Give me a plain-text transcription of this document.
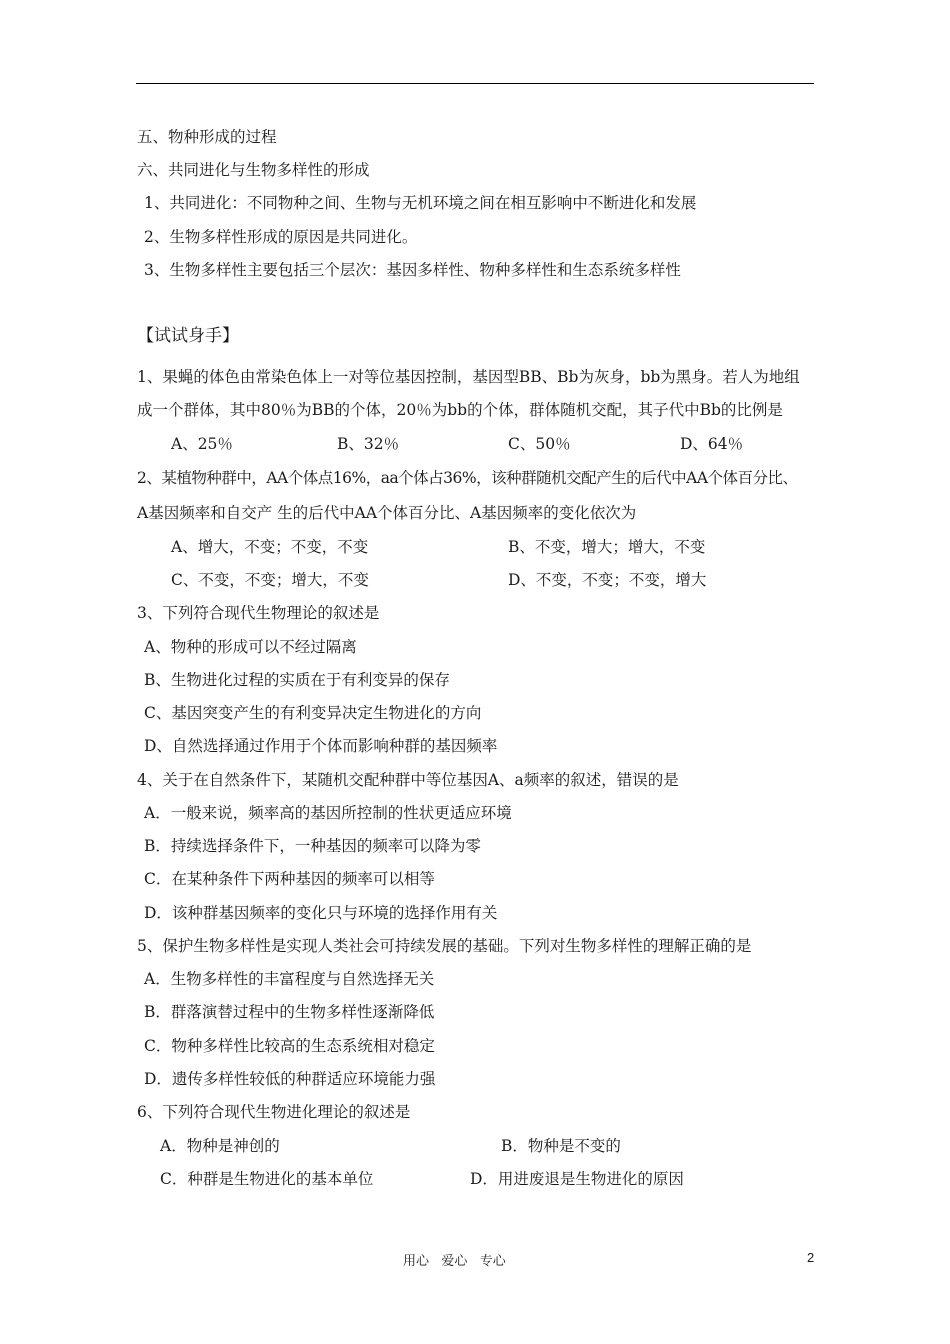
五、物种形成的过程
六、共同进化与生物多样性的形成
1、共同进化：不同物种之间、生物与无机环境之间在相互影响中不断进化和发展
2、生物多样性形成的原因是共同进化。
3、生物多样性主要包括三个层次：基因多样性、物种多样性和生态系统多样性
【试试身手】
1、果蝇的体色由常染色体上一对等位基因控制，基因型BB、Bb为灰身，bb为黑身。若人为地组
成一个群体，其中80％为BB的个体，20％为bb的个体，群体随机交配，其子代中Bb的比例是
A、25％	B、32％	C、50％	D、64％
2、某植物种群中，AA个体点16%，aa个体占36%，该种群随机交配产生的后代中AA个体百分比、
A基因频率和自交产 生的后代中AA个体百分比、A基因频率的变化依次为
A、增大，不变；不变，不变	B、不变，增大；增大，不变
C、不变，不变；增大，不变	D、不变，不变；不变，增大
3、下列符合现代生物理论的叙述是
A、物种的形成可以不经过隔离
B、生物进化过程的实质在于有利变异的保存
C、基因突变产生的有利变异决定生物进化的方向
D、自然选择通过作用于个体而影响种群的基因频率
4、关于在自然条件下，某随机交配种群中等位基因A、a频率的叙述，错误的是
A．一般来说，频率高的基因所控制的性状更适应环境
B．持续选择条件下，一种基因的频率可以降为零
C．在某种条件下两种基因的频率可以相等
D．该种群基因频率的变化只与环境的选择作用有关
5、保护生物多样性是实现人类社会可持续发展的基础。下列对生物多样性的理解正确的是
A．生物多样性的丰富程度与自然选择无关
B．群落演替过程中的生物多样性逐渐降低
C．物种多样性比较高的生态系统相对稳定
D．遗传多样性较低的种群适应环境能力强
6、下列符合现代生物进化理论的叙述是
A．物种是神创的	B．物种是不变的
C．种群是生物进化的基本单位	D．用进废退是生物进化的原因
用心   爱心   专心	2
